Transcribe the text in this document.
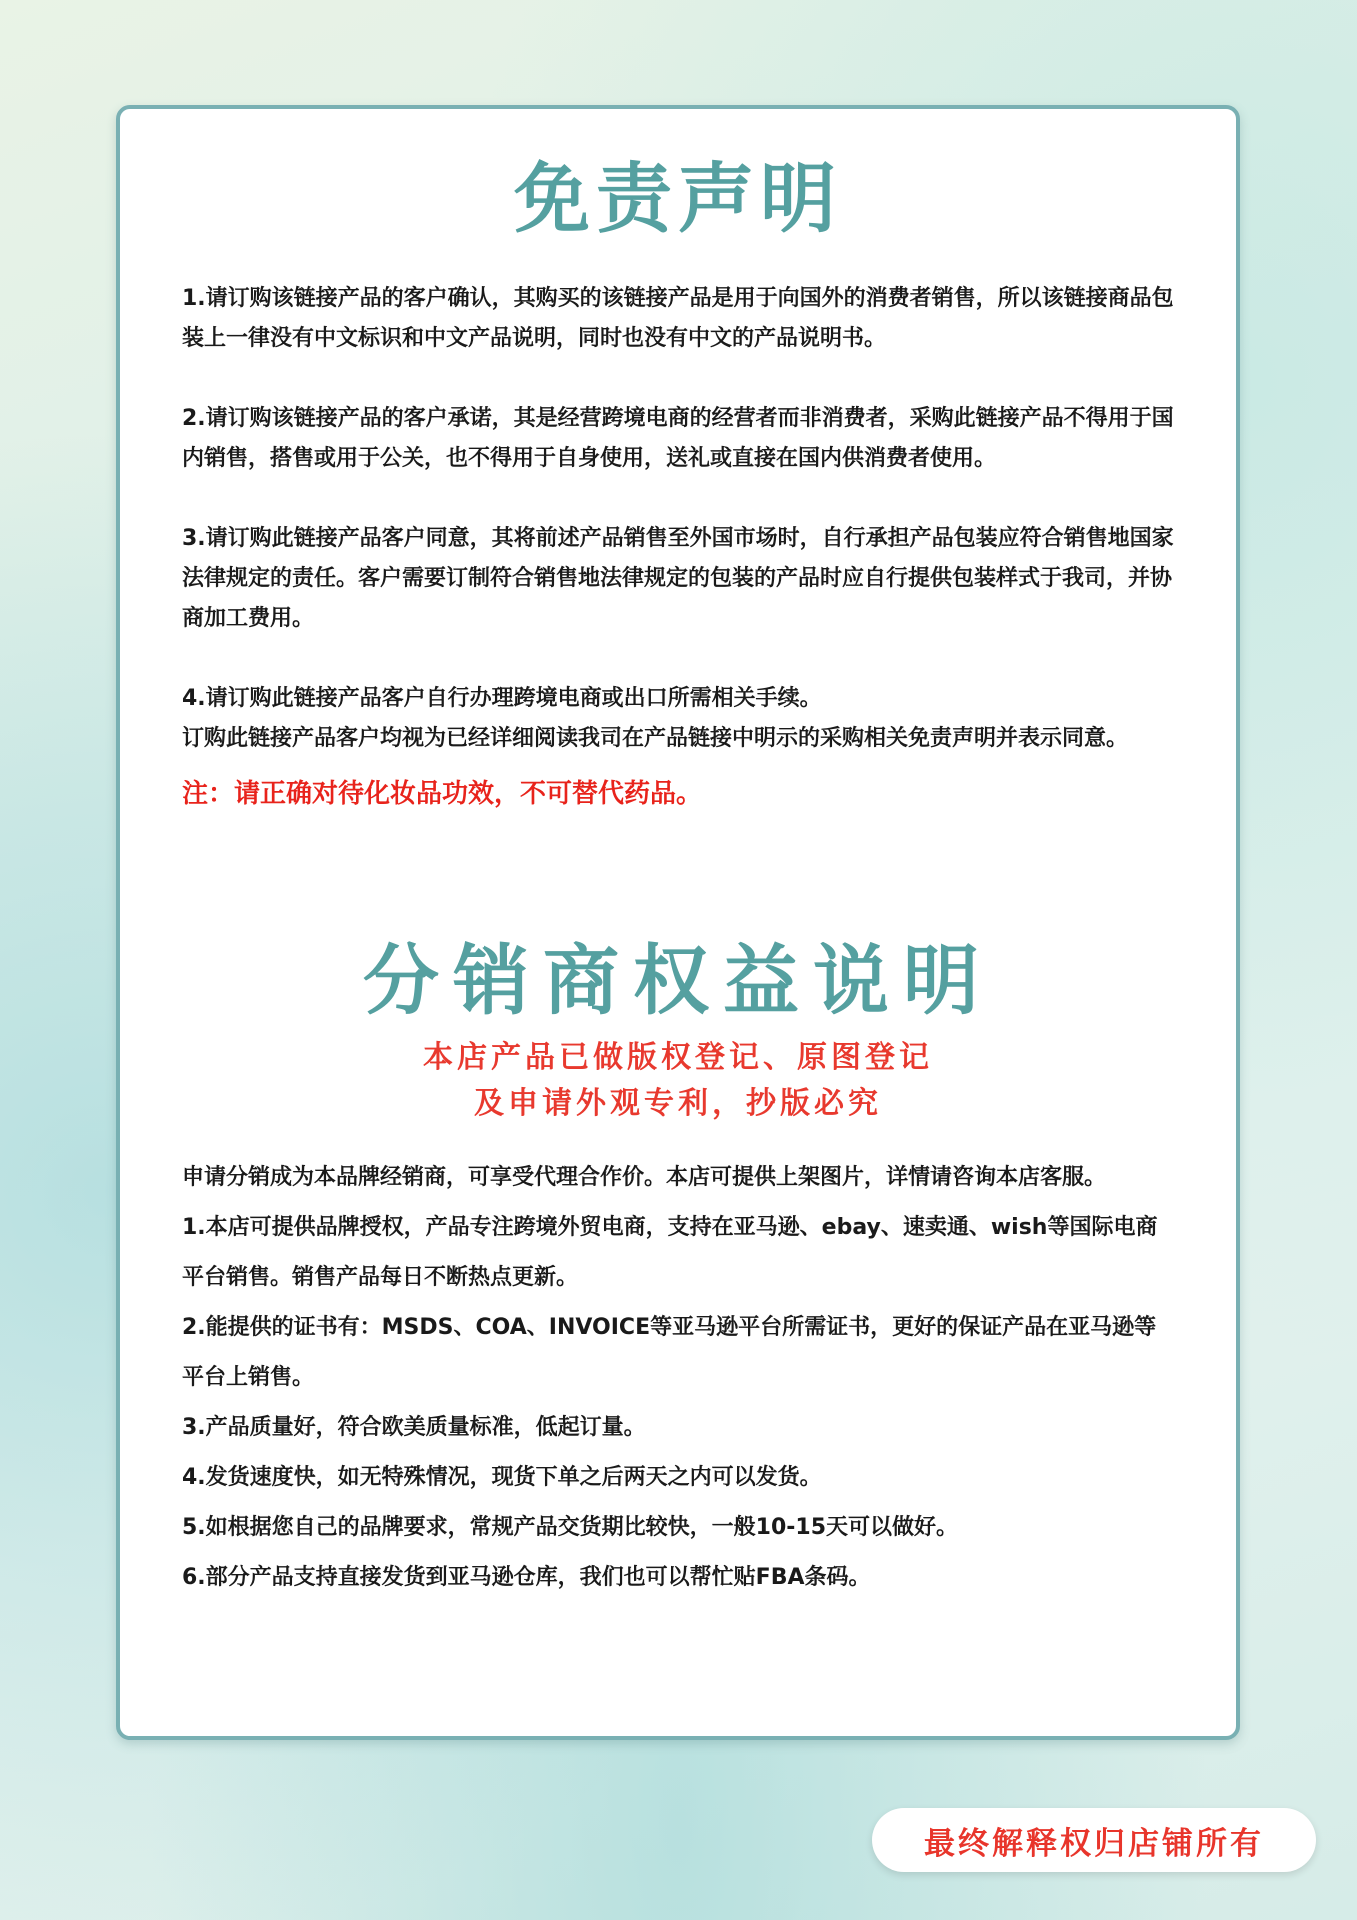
免责声明

1.请订购该链接产品的客户确认，其购买的该链接产品是用于向国外的消费者销售，所以该链接商品包装上一律没有中文标识和中文产品说明，同时也没有中文的产品说明书。

2.请订购该链接产品的客户承诺，其是经营跨境电商的经营者而非消费者，采购此链接产品不得用于国内销售，搭售或用于公关，也不得用于自身使用，送礼或直接在国内供消费者使用。

3.请订购此链接产品客户同意，其将前述产品销售至外国市场时，自行承担产品包装应符合销售地国家法律规定的责任。客户需要订制符合销售地法律规定的包装的产品时应自行提供包装样式于我司，并协商加工费用。

4.请订购此链接产品客户自行办理跨境电商或出口所需相关手续。

订购此链接产品客户均视为已经详细阅读我司在产品链接中明示的采购相关免责声明并表示同意。

注：请正确对待化妆品功效，不可替代药品。

分销商权益说明

本店产品已做版权登记、原图登记

及申请外观专利，抄版必究

申请分销成为本品牌经销商，可享受代理合作价。本店可提供上架图片，详情请咨询本店客服。

1.本店可提供品牌授权，产品专注跨境外贸电商，支持在亚马逊、ebay、速卖通、wish等国际电商平台销售。销售产品每日不断热点更新。

2.能提供的证书有：MSDS、COA、INVOICE等亚马逊平台所需证书，更好的保证产品在亚马逊等平台上销售。

3.产品质量好，符合欧美质量标准，低起订量。

4.发货速度快，如无特殊情况，现货下单之后两天之内可以发货。

5.如根据您自己的品牌要求，常规产品交货期比较快，一般10-15天可以做好。

6.部分产品支持直接发货到亚马逊仓库，我们也可以帮忙贴FBA条码。

最终解释权归店铺所有
